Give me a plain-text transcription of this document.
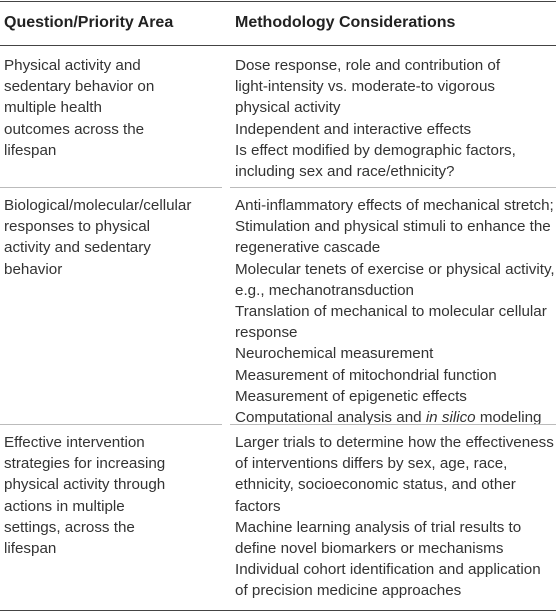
Question/Priority Area	Methodology Considerations
Physical activity and
sedentary behavior on
multiple health
outcomes across the
lifespan
Dose response, role and contribution of
light-intensity vs. moderate-to vigorous
physical activity
Independent and interactive effects
Is effect modified by demographic factors,
including sex and race/ethnicity?
Biological/molecular/cellular
responses to physical
activity and sedentary
behavior
Anti-inflammatory effects of mechanical stretch;
Stimulation and physical stimuli to enhance the
regenerative cascade
Molecular tenets of exercise or physical activity,
e.g., mechanotransduction
Translation of mechanical to molecular cellular
response
Neurochemical measurement
Measurement of mitochondrial function
Measurement of epigenetic effects
Computational analysis and in silico modeling
Effective intervention
strategies for increasing
physical activity through
actions in multiple
settings, across the
lifespan
Larger trials to determine how the effectiveness
of interventions differs by sex, age, race,
ethnicity, socioeconomic status, and other
factors
Machine learning analysis of trial results to
define novel biomarkers or mechanisms
Individual cohort identification and application
of precision medicine approaches
